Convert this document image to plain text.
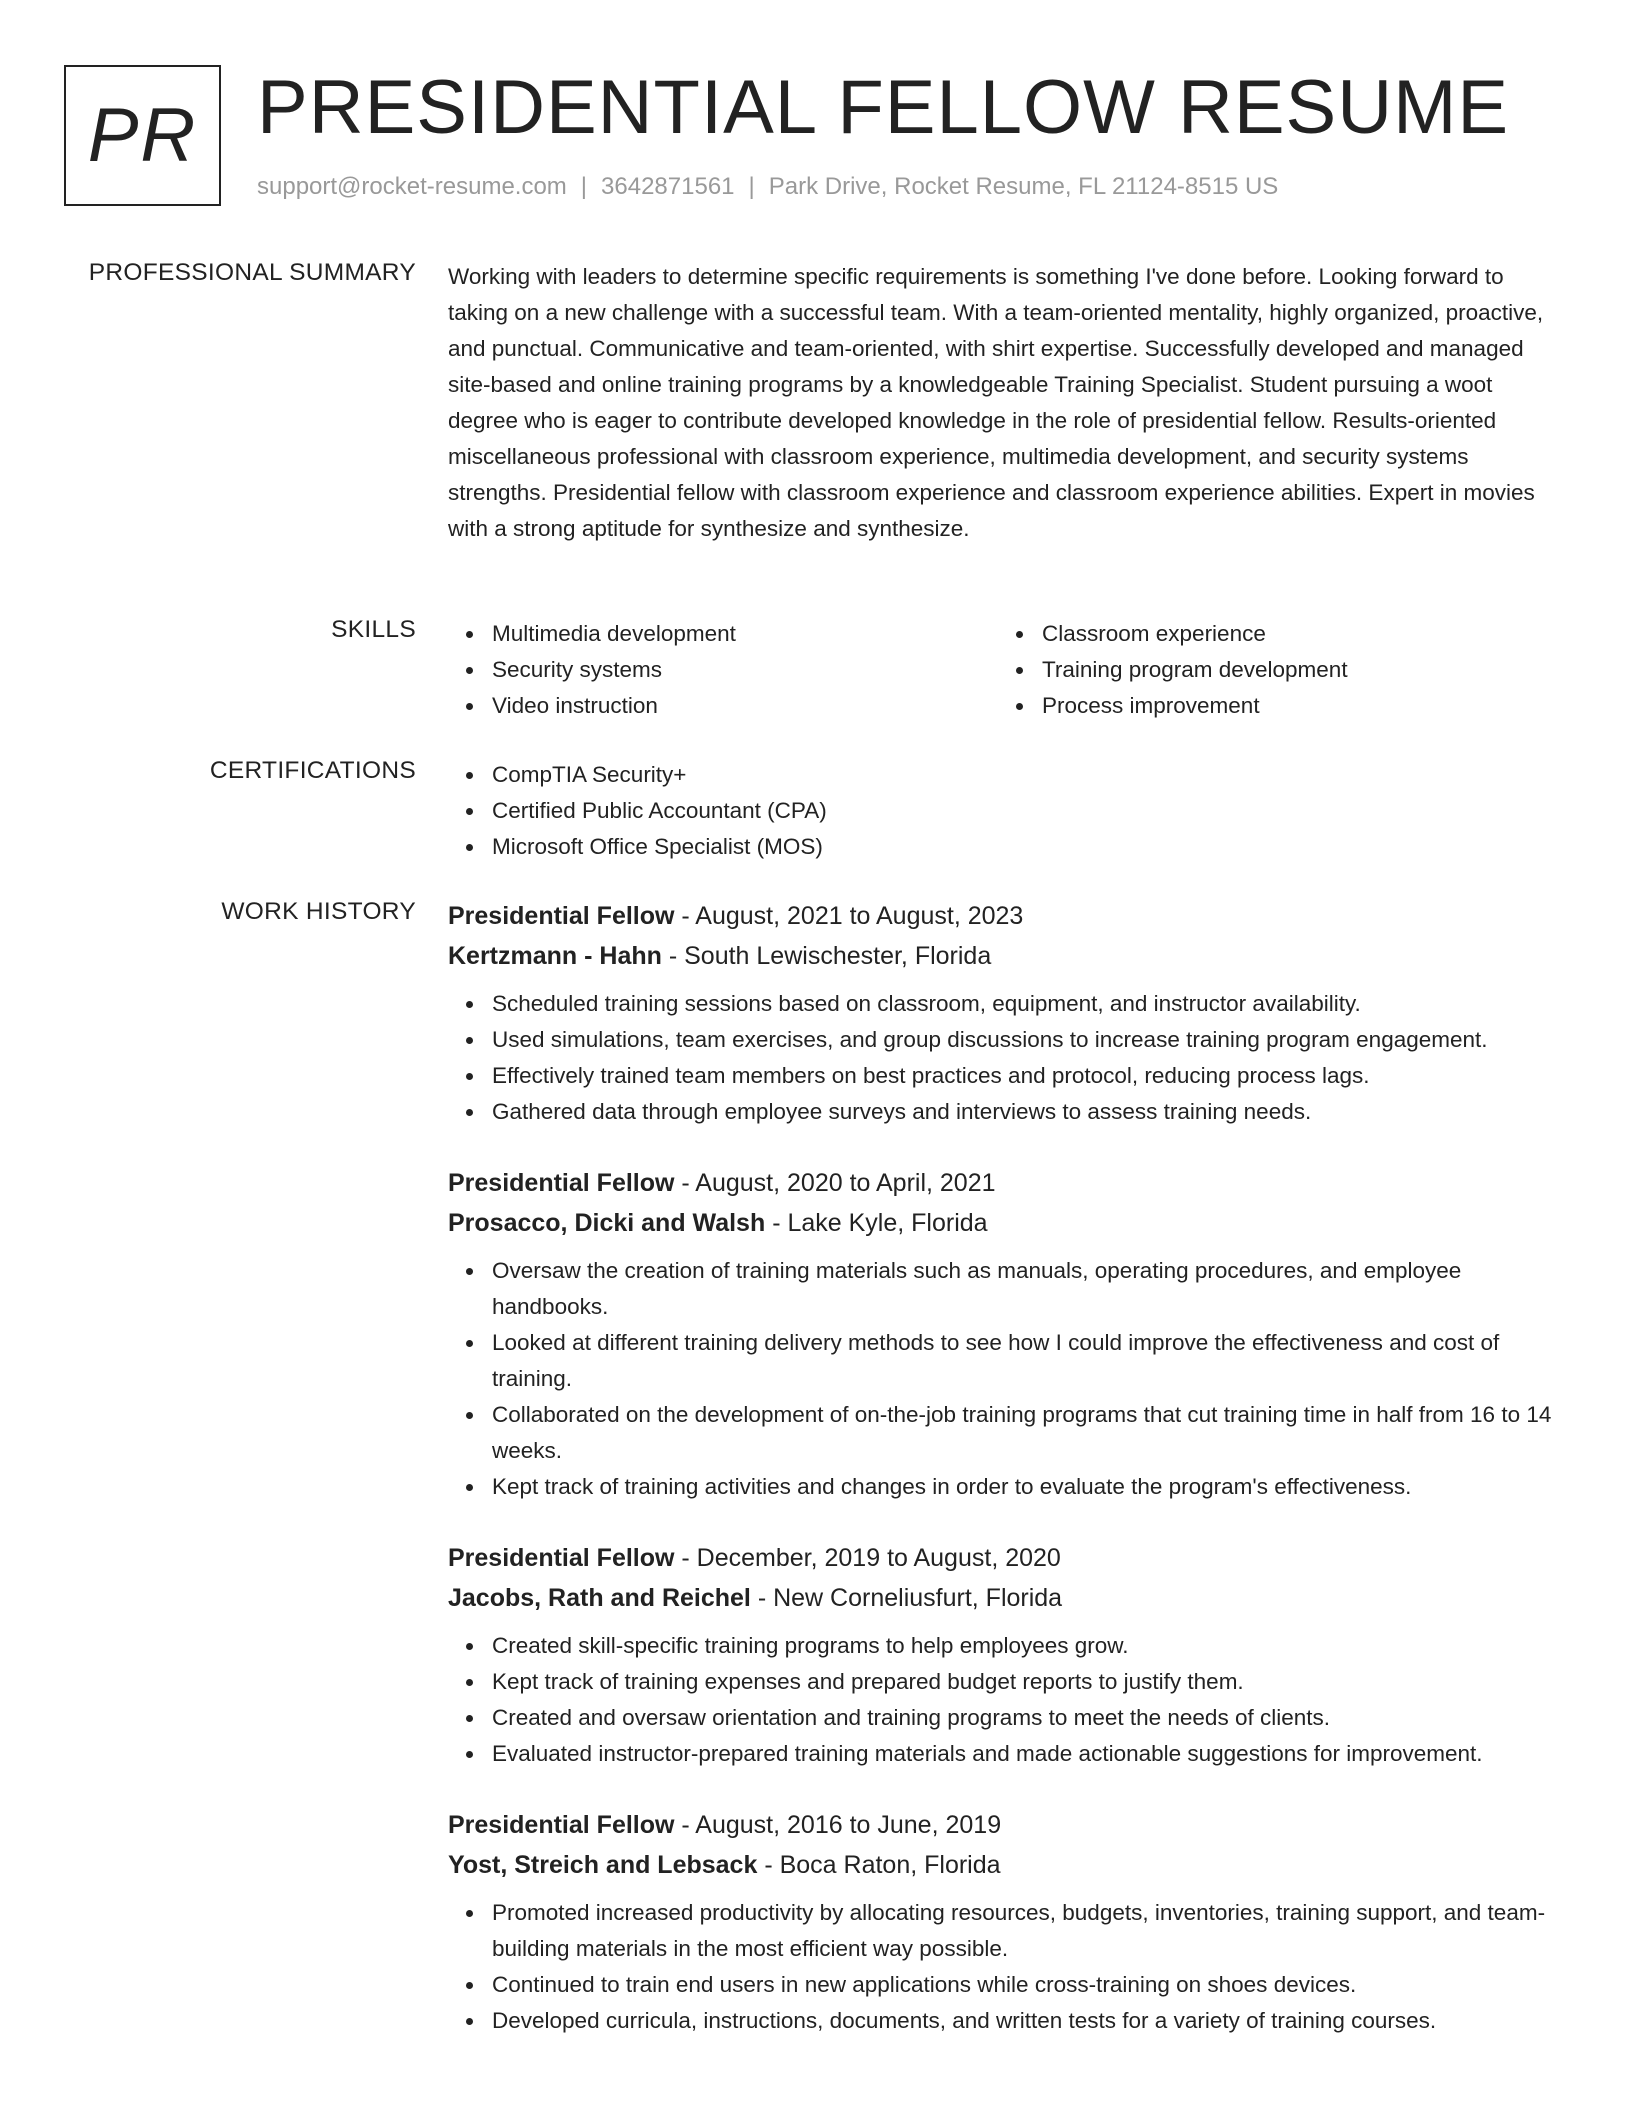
PR PRESIDENTIAL FELLOW RESUME
support@rocket-resume.com | 3642871561 | Park Drive, Rocket Resume, FL 21124-8515 US
PROFESSIONAL SUMMARY Working with leaders to determine specific requirements is something I've done before. Looking forward to taking on a new challenge with a successful team. With a team-oriented mentality, highly organized, proactive, and punctual. Communicative and team-oriented, with shirt expertise. Successfully developed and managed site-based and online training programs by a knowledgeable Training Specialist. Student pursuing a woot degree who is eager to contribute developed knowledge in the role of presidential fellow. Results-oriented miscellaneous professional with classroom experience, multimedia development, and security systems strengths. Presidential fellow with classroom experience and classroom experience abilities. Expert in movies with a strong aptitude for synthesize and synthesize.

SKILLS	Multimedia development
Security systems
Video instruction
Classroom experience
Training program development
Process improvement
CERTIFICATIONS	CompTIA Security+
Certified Public Accountant (CPA)
Microsoft Office Specialist (MOS)
WORK HISTORY Presidential Fellow - August, 2021 to August, 2023
Kertzmann - Hahn - South Lewischester, Florida
Scheduled training sessions based on classroom, equipment, and instructor availability.
Used simulations, team exercises, and group discussions to increase training program engagement.
Effectively trained team members on best practices and protocol, reducing process lags.
Gathered data through employee surveys and interviews to assess training needs.
Presidential Fellow - August, 2020 to April, 2021
Prosacco, Dicki and Walsh - Lake Kyle, Florida
Oversaw the creation of training materials such as manuals, operating procedures, and employee handbooks.
Looked at different training delivery methods to see how I could improve the effectiveness and cost of training.
Collaborated on the development of on-the-job training programs that cut training time in half from 16 to 14 weeks.
Kept track of training activities and changes in order to evaluate the program's effectiveness.
Presidential Fellow - December, 2019 to August, 2020
Jacobs, Rath and Reichel - New Corneliusfurt, Florida
Created skill-specific training programs to help employees grow.
Kept track of training expenses and prepared budget reports to justify them.
Created and oversaw orientation and training programs to meet the needs of clients.
Evaluated instructor-prepared training materials and made actionable suggestions for improvement.
Presidential Fellow - August, 2016 to June, 2019
Yost, Streich and Lebsack - Boca Raton, Florida
Promoted increased productivity by allocating resources, budgets, inventories, training support, and team-building materials in the most efficient way possible.
Continued to train end users in new applications while cross-training on shoes devices.
Developed curricula, instructions, documents, and written tests for a variety of training courses.
